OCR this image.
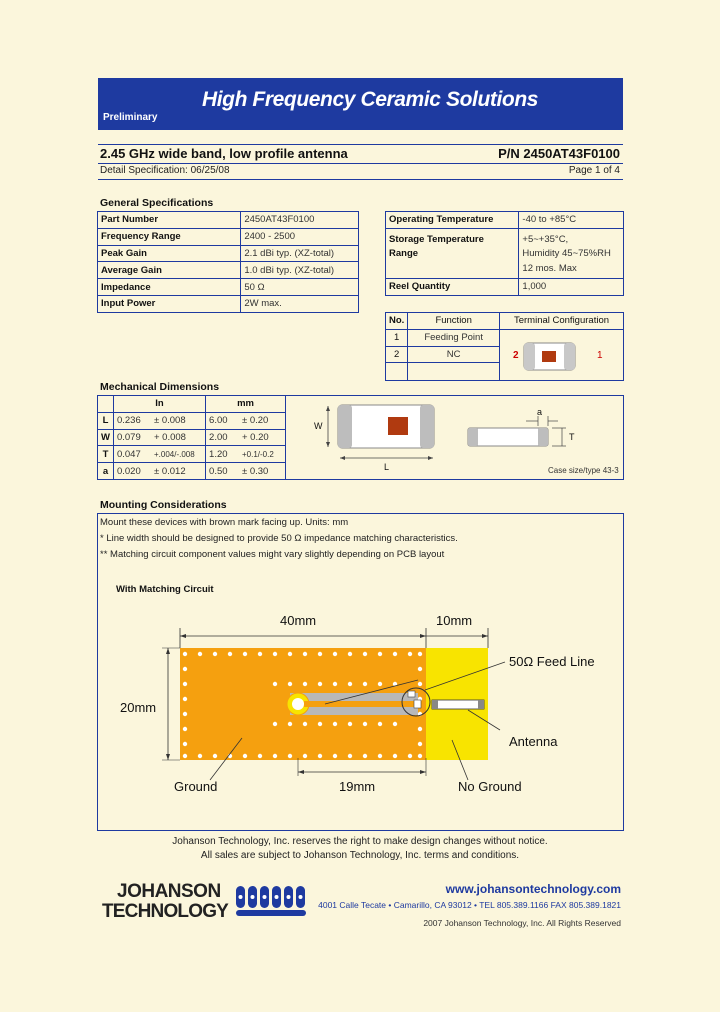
High Frequency Ceramic Solutions
Preliminary
2.45 GHz wide band, low profile antenna	P/N 2450AT43F0100
Detail Specification: 06/25/08	Page 1 of 4
General Specifications
Part Number	2450AT43F0100
Frequency Range	2400 - 2500
Peak Gain	2.1 dBi typ. (XZ-total)
Average Gain	1.0 dBi typ. (XZ-total)
Impedance	50 Ω
Input Power	2W max.
Operating Temperature	-40 to +85°C
Storage Temperature Range	+5~+35°C,
Humidity 45~75%RH
12 mos. Max

Reel Quantity	1,000
No.	Function	Terminal Configuration
1	Feeding Point	2 1

2	NC	

Mechanical Dimensions
	In		mm	
L	0.236	± 0.008	6.00	± 0.20
W	0.079	+ 0.008	2.00	+ 0.20
T	0.047	+.004/-.008	1.20	+0.1/-0.2
a	0.020	± 0.012	0.50	± 0.30
W
L
a
T
Case size/type 43-3
Mounting Considerations
Mount these devices with brown mark facing up. Units: mm
* Line width should be designed to provide 50 Ω impedance matching characteristics.
** Matching circuit component values might vary slightly depending on PCB layout
With Matching Circuit
40mm	10mm
20mm
19mm
50Ω Feed Line
Antenna
Ground	No Ground
Johanson Technology, Inc. reserves the right to make design changes without notice.
All sales are subject to Johanson Technology, Inc. terms and conditions.
JOHANSON
TECHNOLOGY
www.johansontechnology.com
4001 Calle Tecate • Camarillo, CA 93012 • TEL 805.389.1166 FAX 805.389.1821
2007 Johanson Technology, Inc. All Rights Reserved
